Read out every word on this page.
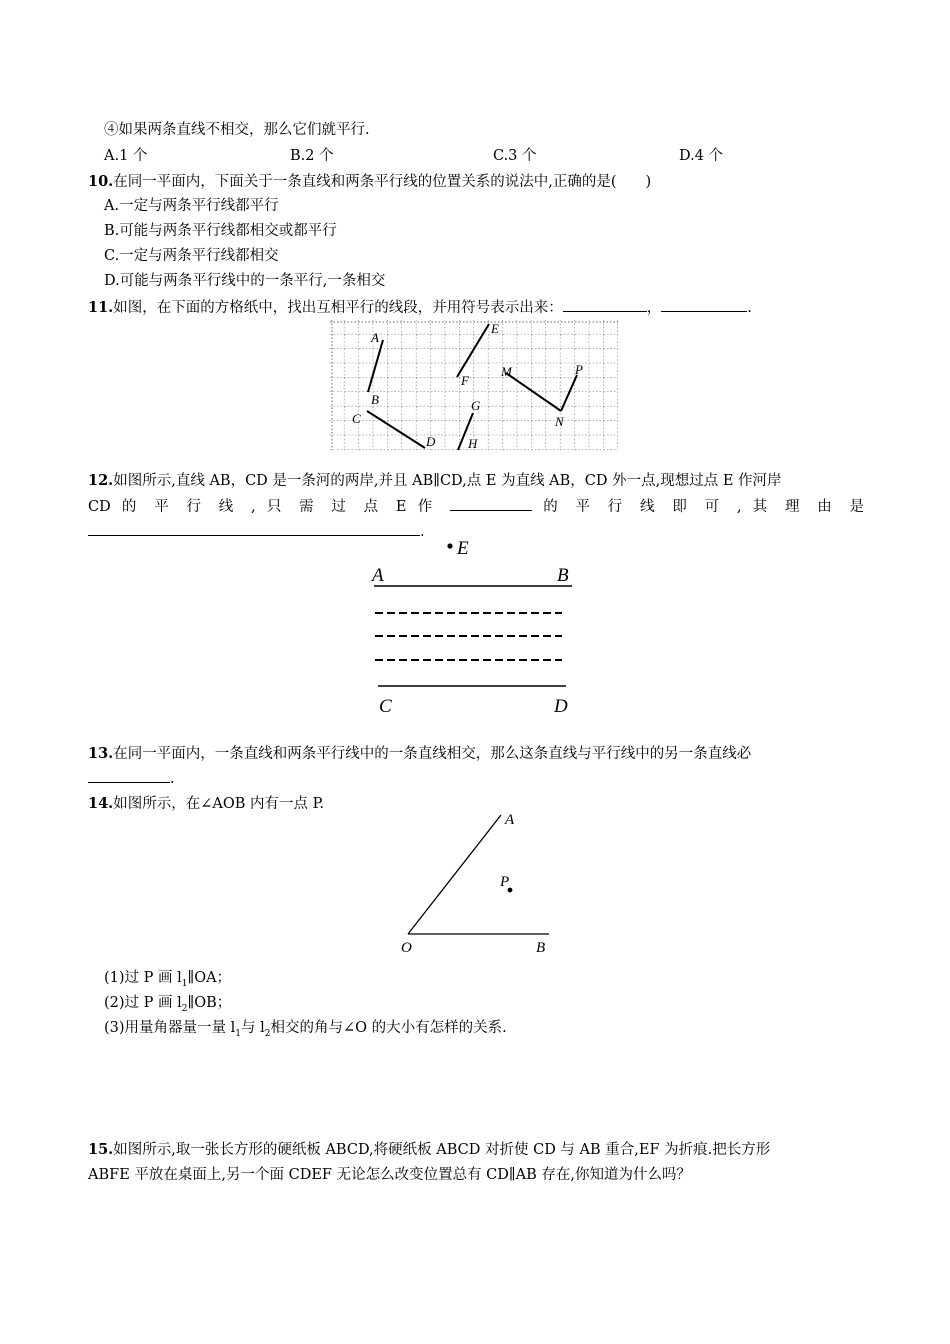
④如果两条直线不相交，那么它们就平行.
A.1 个	B.2 个	C.3 个	D.4 个
10.在同一平面内，下面关于一条直线和两条平行线的位置关系的说法中,正确的是(　　)
A.一定与两条平行线都平行
B.可能与两条平行线都相交或都平行
C.一定与两条平行线都相交
D.可能与两条平行线中的一条平行,一条相交
11.如图，在下面的方格纸中，找出互相平行的线段，并用符号表示出来：	，	.
A
B
C
D
E
F
G
H
M
N
P
12.如图所示,直线 AB，CD 是一条河的两岸,并且 AB∥CD,点 E 为直线 AB，CD 外一点,现想过点 E 作河岸
CD 的 平 行 线 , 只 需 过 点 E 作	的 平 行 线 即 可 , 其 理 由 是
.
E
A	B
C	D
13.在同一平面内，一条直线和两条平行线中的一条直线相交，那么这条直线与平行线中的另一条直线必
.
14.如图所示，在∠AOB 内有一点 P.
A
P
O	B
(1)过 P 画 $l_1\parallel OA$；
(2)过 P 画 $l_2\parallel OB$；
(3)用量角器量一量 $l_1$与 $l_2$相交的角与∠O 的大小有怎样的关系.
15.如图所示,取一张长方形的硬纸板 ABCD,将硬纸板 ABCD 对折使 CD 与 AB 重合,EF 为折痕.把长方形
ABFE 平放在桌面上,另一个面 CDEF 无论怎么改变位置总有 CD∥AB 存在,你知道为什么吗？
